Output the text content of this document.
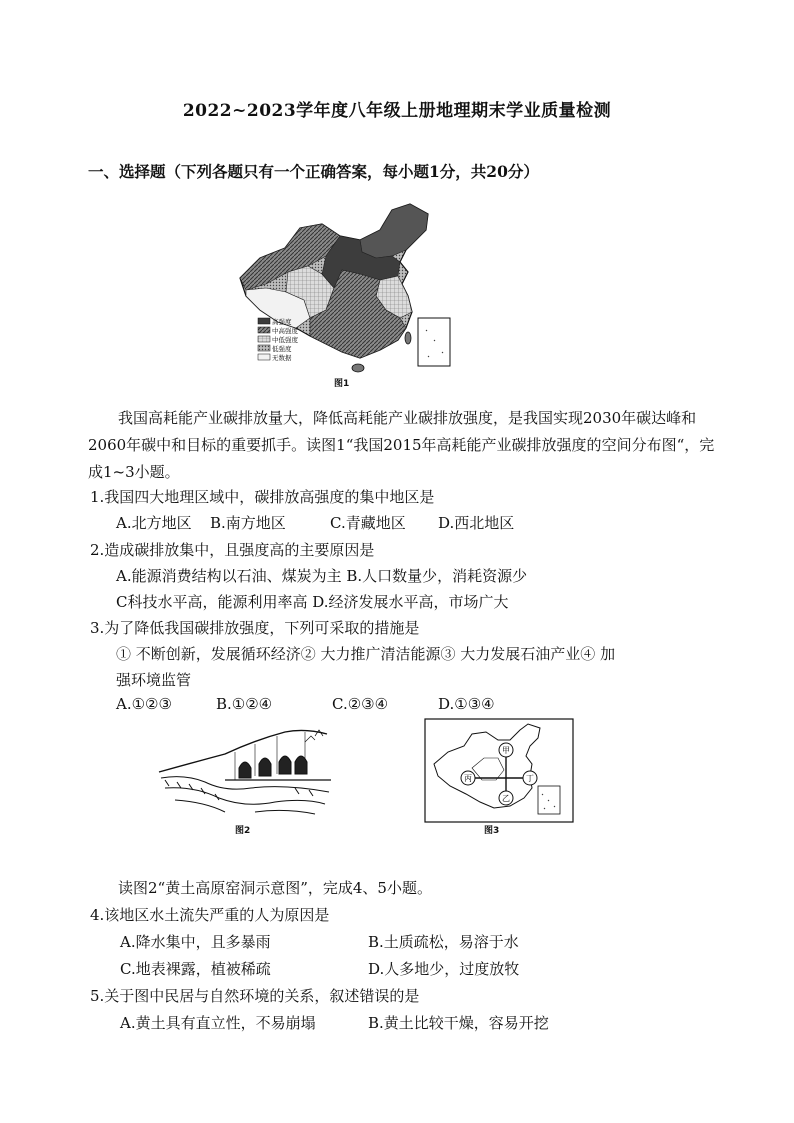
2022~2023学年度八年级上册地理期末学业质量检测
一、选择题（下列各题只有一个正确答案，每小题1分，共20分）
高强度
中高强度
中低强度
低强度
无数据
图1
我国高耗能产业碳排放量大，降低高耗能产业碳排放强度，是我国实现2030年碳达峰和2060年碳中和目标的重要抓手。读图1“我国2015年高耗能产业碳排放强度的空间分布图“，完成1~3小题。
1.我国四大地理区域中，碳排放高强度的集中地区是
A.北方地区 B.南方地区	C.青藏地区 D.西北地区
2.造成碳排放集中，且强度高的主要原因是
A.能源消费结构以石油、煤炭为主 B.人口数量少，消耗资源少
C科技水平高，能源利用率高 D.经济发展水平高，市场广大
3.为了降低我国碳排放强度，下列可采取的措施是
① 不断创新，发展循环经济② 大力推广清洁能源③ 大力发展石油产业④ 加
强环境监管
A.①②③	B.①②④	C.②③④	D.①③④
图2
甲
乙
丙	丁
图3
读图2“黄土高原窑洞示意图”，完成4、5小题。
4.该地区水土流失严重的人为原因是
A.降水集中，且多暴雨	B.土质疏松，易溶于水
C.地表裸露，植被稀疏	D.人多地少，过度放牧
5.关于图中民居与自然环境的关系，叙述错误的是
A.黄土具有直立性，不易崩塌	B.黄土比较干燥，容易开挖
